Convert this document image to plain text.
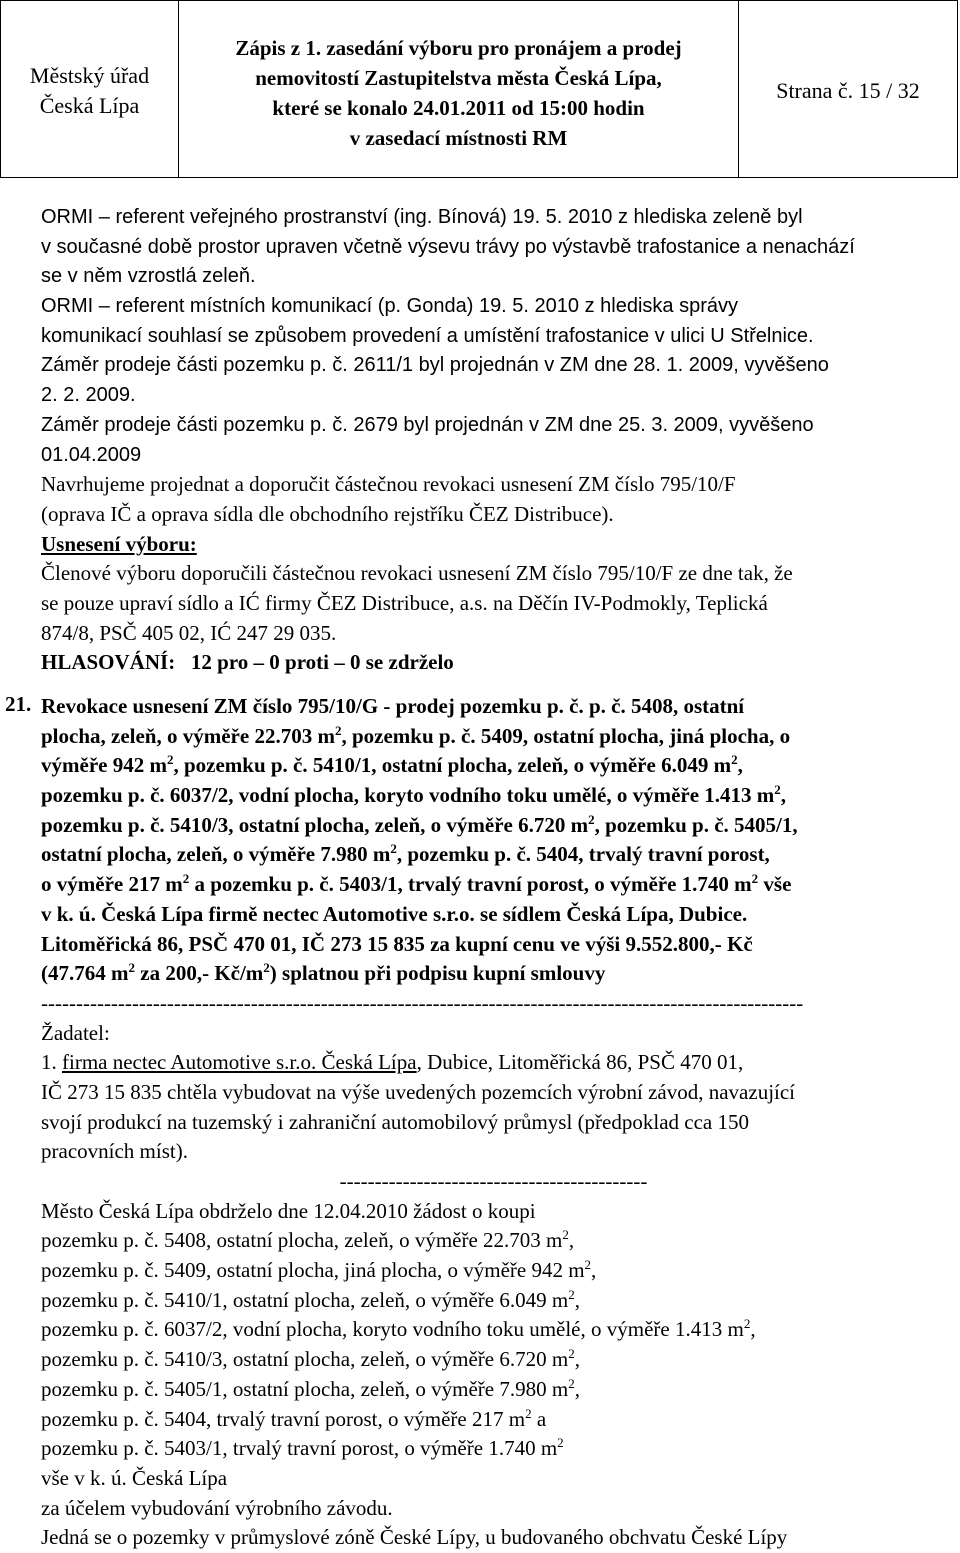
Městský úřad
Česká Lípa
Zápis z 1. zasedání výboru pro pronájem a prodej
nemovitostí Zastupitelstva města Česká Lípa,
které se konalo 24.01.2011 od 15:00 hodin
v zasedací místnosti RM
Strana č. 15 / 32
ORMI – referent veřejného prostranství (ing. Bínová) 19. 5. 2010 z hlediska zeleně byl
v současné době prostor upraven včetně výsevu trávy po výstavbě trafostanice a nenachází
se v něm vzrostlá zeleň.
ORMI – referent místních komunikací (p. Gonda) 19. 5. 2010 z hlediska správy
komunikací souhlasí se způsobem provedení a umístění trafostanice v ulici U Střelnice.
Záměr prodeje části pozemku p. č. 2611/1 byl projednán v ZM dne 28. 1. 2009, vyvěšeno
2. 2. 2009.
Záměr prodeje části pozemku p. č. 2679 byl projednán v ZM dne 25. 3. 2009, vyvěšeno
01.04.2009
Navrhujeme projednat a doporučit částečnou revokaci usnesení ZM číslo 795/10/F
(oprava IČ a oprava sídla dle obchodního rejstříku ČEZ Distribuce).
Usnesení výboru:
Členové výboru doporučili částečnou revokaci usnesení ZM číslo 795/10/F ze dne tak, že
se pouze upraví sídlo a IĆ firmy ČEZ Distribuce, a.s. na Děčín IV-Podmokly, Teplická
874/8, PSČ 405 02, IĆ 247 29 035.
HLASOVÁNÍ:   12 pro – 0 proti – 0 se zdrželo
21. Revokace usnesení ZM číslo 795/10/G - prodej pozemku p. č. p. č. 5408, ostatní
plocha, zeleň, o výměře 22.703 $m^2$, pozemku p. č. 5409, ostatní plocha, jiná plocha, o
výměře 942 $m^2$, pozemku p. č. 5410/1, ostatní plocha, zeleň, o výměře 6.049 $m^2$,
pozemku p. č. 6037/2, vodní plocha, koryto vodního toku umělé, o výměře 1.413 $m^2$,
pozemku p. č. 5410/3, ostatní plocha, zeleň, o výměře 6.720 $m^2$, pozemku p. č. 5405/1,
ostatní plocha, zeleň, o výměře 7.980 $m^2$, pozemku p. č. 5404, trvalý travní porost,
o výměře 217 $m^2$ a pozemku p. č. 5403/1, trvalý travní porost, o výměře 1.740 $m^2$ vše
v k. ú. Česká Lípa firmě nectec Automotive s.r.o. se sídlem Česká Lípa, Dubice.
Litoměřická 86, PSČ 470 01, IČ 273 15 835 za kupní cenu ve výši 9.552.800,- Kč
(47.764 $m^2$ za 200,- $Kč/m^2$) splatnou při podpisu kupní smlouvy
-------------------------------------------------------------------------------------------------------------
Žadatel:
1. firma nectec Automotive s.r.o. Česká Lípa, Dubice, Litoměřická 86, PSČ 470 01,
IČ 273 15 835 chtěla vybudovat na výše uvedených pozemcích výrobní závod, navazující
svojí produkcí na tuzemský i zahraniční automobilový průmysl (předpoklad cca 150
pracovních míst).
--------------------------------------------
Město Česká Lípa obdrželo dne 12.04.2010 žádost o koupi
pozemku p. č. 5408, ostatní plocha, zeleň, o výměře 22.703 $m^2$,
pozemku p. č. 5409, ostatní plocha, jiná plocha, o výměře 942 $m^2$,
pozemku p. č. 5410/1, ostatní plocha, zeleň, o výměře 6.049 $m^2$,
pozemku p. č. 6037/2, vodní plocha, koryto vodního toku umělé, o výměře 1.413 $m^2$,
pozemku p. č. 5410/3, ostatní plocha, zeleň, o výměře 6.720 $m^2$,
pozemku p. č. 5405/1, ostatní plocha, zeleň, o výměře 7.980 $m^2$,
pozemku p. č. 5404, trvalý travní porost, o výměře 217 $m^2$ a
pozemku p. č. 5403/1, trvalý travní porost, o výměře 1.740 $m^2$
vše v k. ú. Česká Lípa
za účelem vybudování výrobního závodu.
Jedná se o pozemky v průmyslové zóně České Lípy, u budovaného obchvatu České Lípy
